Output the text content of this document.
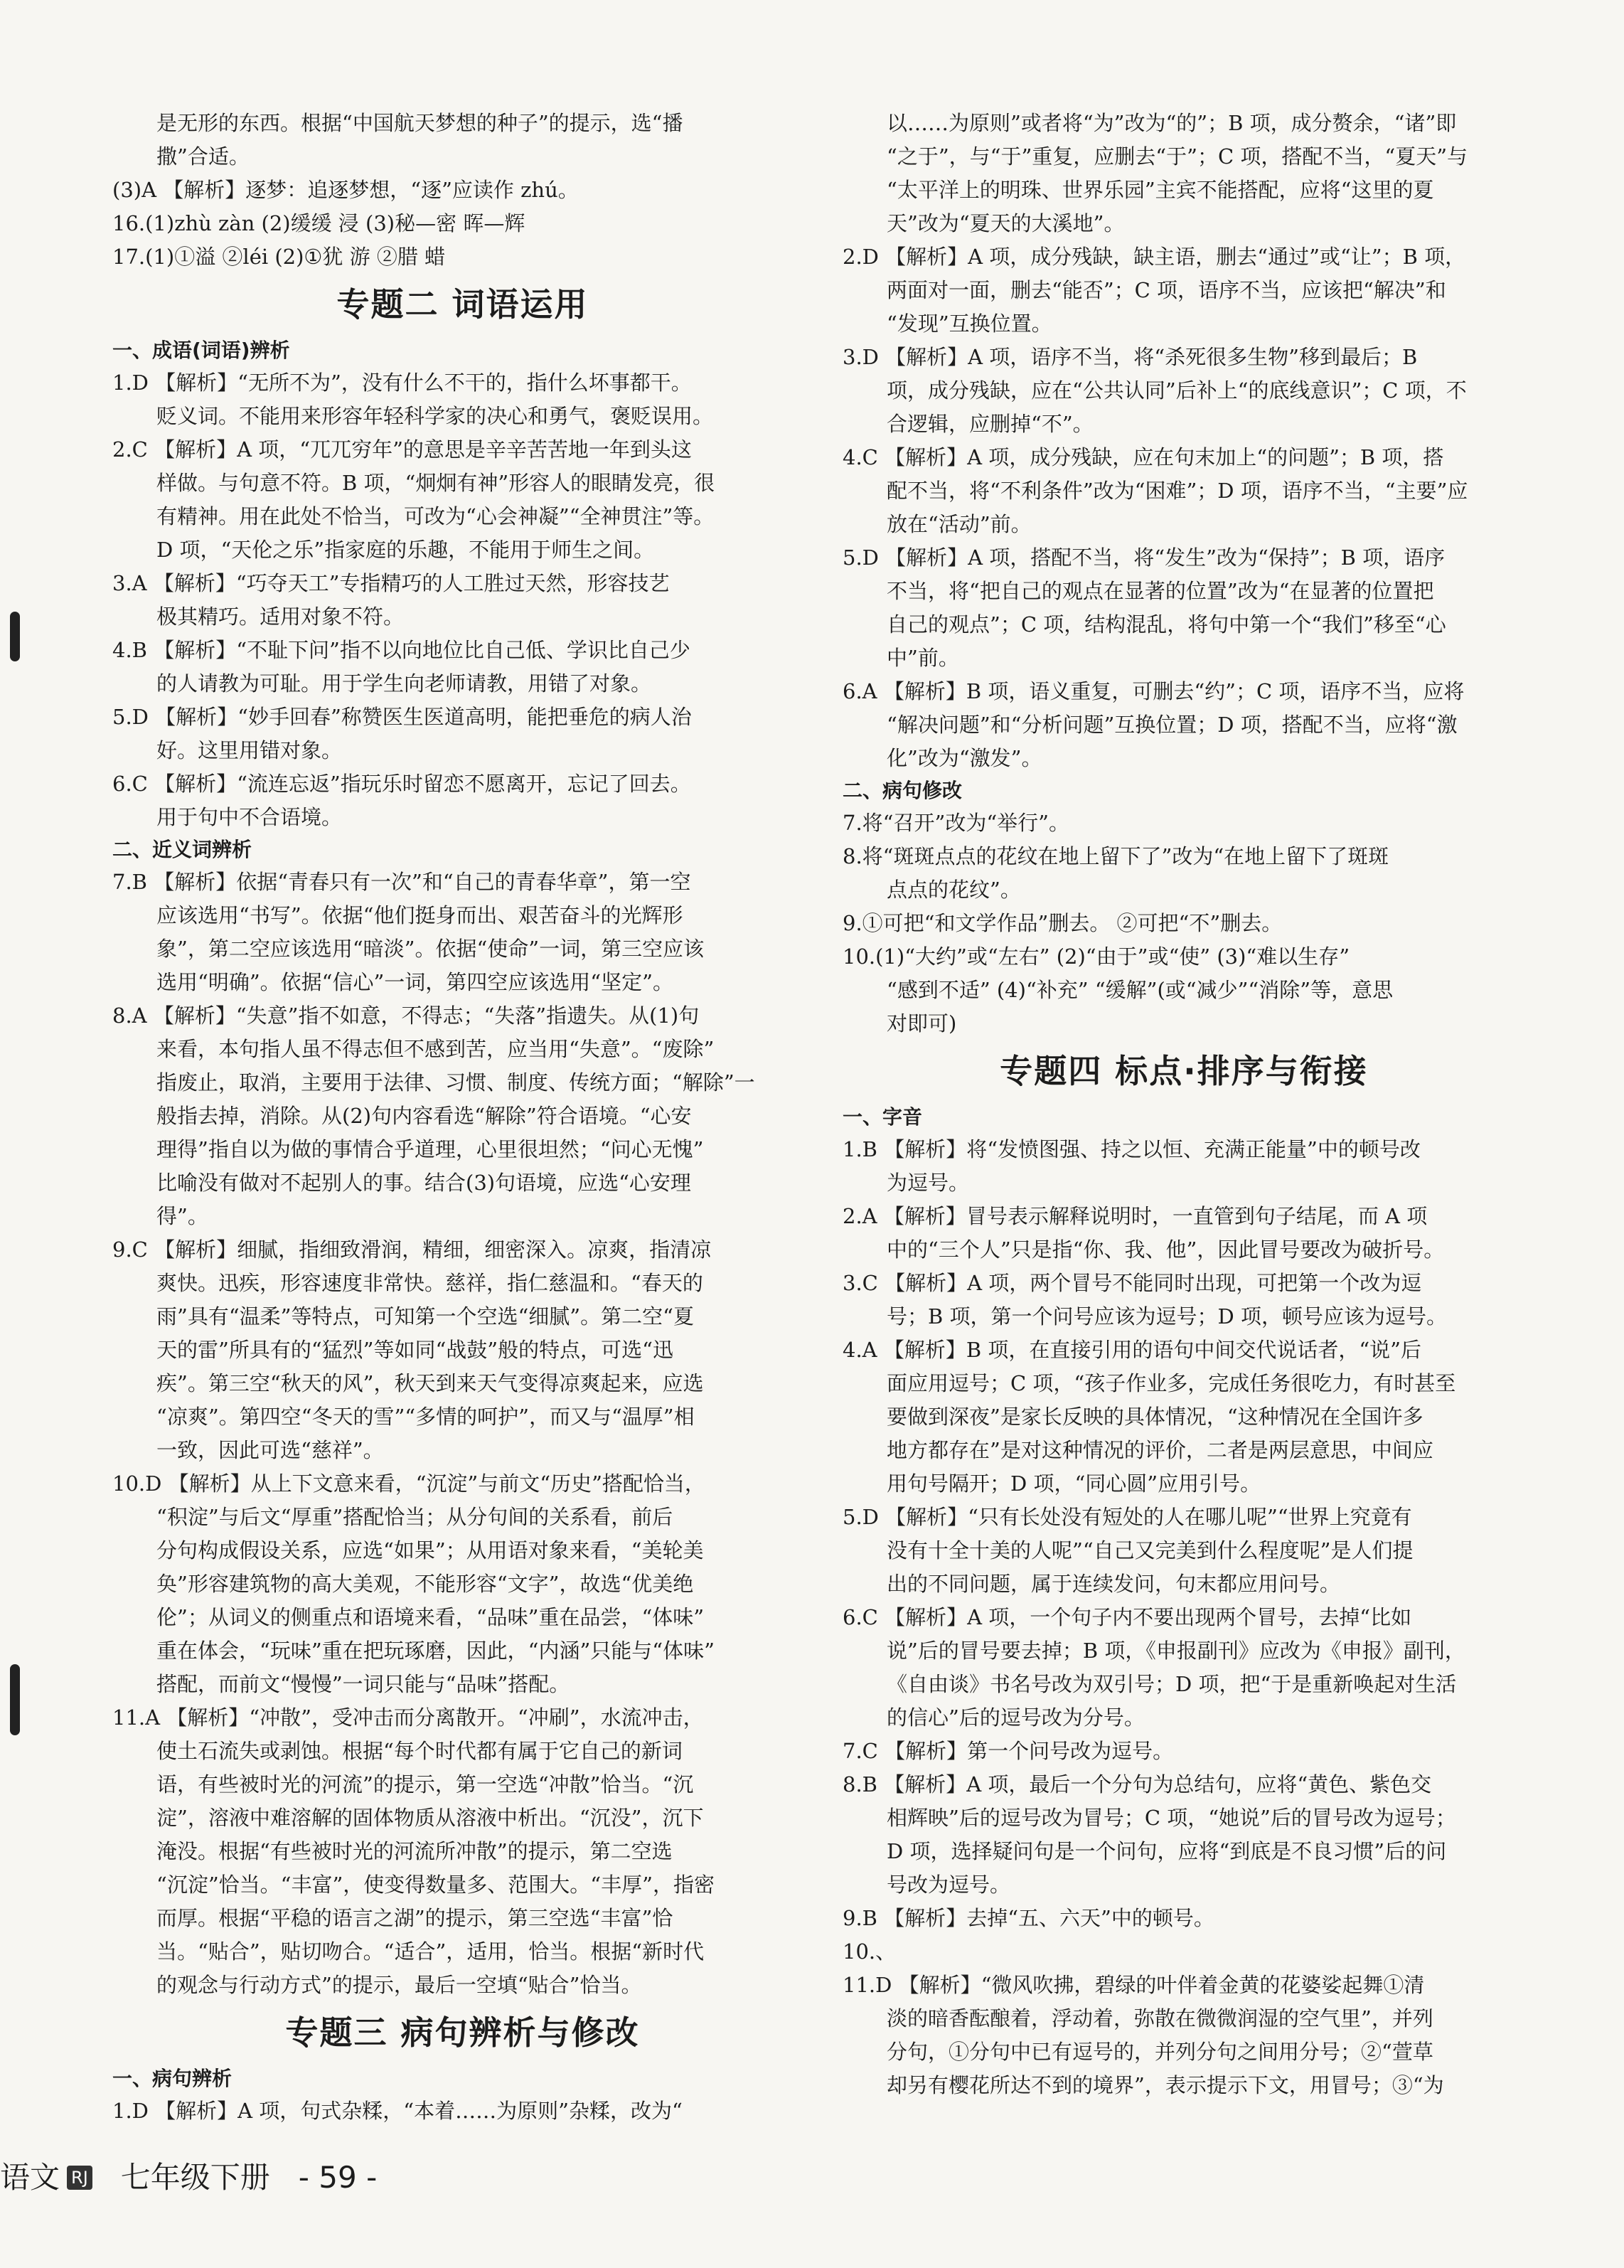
是无形的东西。根据“中国航天梦想的种子”的提示，选“播
撒”合适。
(3)A 【解析】逐梦：追逐梦想，“逐”应读作 zhú。
16.(1)zhù zàn (2)缓缓 浸 (3)秘—密 晖—辉
17.(1)①溢 ②léi (2)①犹 游 ②腊 蜡
专题二 词语运用
一、成语(词语)辨析
1.D 【解析】“无所不为”，没有什么不干的，指什么坏事都干。
贬义词。不能用来形容年轻科学家的决心和勇气，褒贬误用。
2.C 【解析】A 项，“兀兀穷年”的意思是辛辛苦苦地一年到头这
样做。与句意不符。B 项，“炯炯有神”形容人的眼睛发亮，很
有精神。用在此处不恰当，可改为“心会神凝”“全神贯注”等。
D 项，“天伦之乐”指家庭的乐趣，不能用于师生之间。
3.A 【解析】“巧夺天工”专指精巧的人工胜过天然，形容技艺
极其精巧。适用对象不符。
4.B 【解析】“不耻下问”指不以向地位比自己低、学识比自己少
的人请教为可耻。用于学生向老师请教，用错了对象。
5.D 【解析】“妙手回春”称赞医生医道高明，能把垂危的病人治
好。这里用错对象。
6.C 【解析】“流连忘返”指玩乐时留恋不愿离开，忘记了回去。
用于句中不合语境。
二、近义词辨析
7.B 【解析】依据“青春只有一次”和“自己的青春华章”，第一空
应该选用“书写”。依据“他们挺身而出、艰苦奋斗的光辉形
象”，第二空应该选用“暗淡”。依据“使命”一词，第三空应该
选用“明确”。依据“信心”一词，第四空应该选用“坚定”。
8.A 【解析】“失意”指不如意，不得志；“失落”指遗失。从(1)句
来看，本句指人虽不得志但不感到苦，应当用“失意”。“废除”
指废止，取消，主要用于法律、习惯、制度、传统方面；“解除”一
般指去掉，消除。从(2)句内容看选“解除”符合语境。“心安
理得”指自以为做的事情合乎道理，心里很坦然；“问心无愧”
比喻没有做对不起别人的事。结合(3)句语境，应选“心安理
得”。
9.C 【解析】细腻，指细致滑润，精细，细密深入。凉爽，指清凉
爽快。迅疾，形容速度非常快。慈祥，指仁慈温和。“春天的
雨”具有“温柔”等特点，可知第一个空选“细腻”。第二空“夏
天的雷”所具有的“猛烈”等如同“战鼓”般的特点，可选“迅
疾”。第三空“秋天的风”，秋天到来天气变得凉爽起来，应选
“凉爽”。第四空“冬天的雪”“多情的呵护”，而又与“温厚”相
一致，因此可选“慈祥”。
10.D 【解析】从上下文意来看，“沉淀”与前文“历史”搭配恰当，
“积淀”与后文“厚重”搭配恰当；从分句间的关系看，前后
分句构成假设关系，应选“如果”；从用语对象来看，“美轮美
奂”形容建筑物的高大美观，不能形容“文字”，故选“优美绝
伦”；从词义的侧重点和语境来看，“品味”重在品尝，“体味”
重在体会，“玩味”重在把玩琢磨，因此，“内涵”只能与“体味”
搭配，而前文“慢慢”一词只能与“品味”搭配。
11.A 【解析】“冲散”，受冲击而分离散开。“冲刷”，水流冲击，
使土石流失或剥蚀。根据“每个时代都有属于它自己的新词
语，有些被时光的河流”的提示，第一空选“冲散”恰当。“沉
淀”，溶液中难溶解的固体物质从溶液中析出。“沉没”，沉下
淹没。根据“有些被时光的河流所冲散”的提示，第二空选
“沉淀”恰当。“丰富”，使变得数量多、范围大。“丰厚”，指密
而厚。根据“平稳的语言之湖”的提示，第三空选“丰富”恰
当。“贴合”，贴切吻合。“适合”，适用，恰当。根据“新时代
的观念与行动方式”的提示，最后一空填“贴合”恰当。
专题三 病句辨析与修改
一、病句辨析
1.D 【解析】A 项，句式杂糅，“本着……为原则”杂糅，改为“
以……为原则”或者将“为”改为“的”；B 项，成分赘余，“诸”即
“之于”，与“于”重复，应删去“于”；C 项，搭配不当，“夏天”与
“太平洋上的明珠、世界乐园”主宾不能搭配，应将“这里的夏
天”改为“夏天的大溪地”。
2.D 【解析】A 项，成分残缺，缺主语，删去“通过”或“让”；B 项，
两面对一面，删去“能否”；C 项，语序不当，应该把“解决”和
“发现”互换位置。
3.D 【解析】A 项，语序不当，将“杀死很多生物”移到最后；B
项，成分残缺，应在“公共认同”后补上“的底线意识”；C 项，不
合逻辑，应删掉“不”。
4.C 【解析】A 项，成分残缺，应在句末加上“的问题”；B 项，搭
配不当，将“不利条件”改为“困难”；D 项，语序不当，“主要”应
放在“活动”前。
5.D 【解析】A 项，搭配不当，将“发生”改为“保持”；B 项，语序
不当，将“把自己的观点在显著的位置”改为“在显著的位置把
自己的观点”；C 项，结构混乱，将句中第一个“我们”移至“心
中”前。
6.A 【解析】B 项，语义重复，可删去“约”；C 项，语序不当，应将
“解决问题”和“分析问题”互换位置；D 项，搭配不当，应将“激
化”改为“激发”。
二、病句修改
7.将“召开”改为“举行”。
8.将“斑斑点点的花纹在地上留下了”改为“在地上留下了斑斑
点点的花纹”。
9.①可把“和文学作品”删去。 ②可把“不”删去。
10.(1)“大约”或“左右” (2)“由于”或“使” (3)“难以生存”
“感到不适” (4)“补充” “缓解”(或“减少”“消除”等，意思
对即可)
专题四 标点·排序与衔接
一、字音
1.B 【解析】将“发愤图强、持之以恒、充满正能量”中的顿号改
为逗号。
2.A 【解析】冒号表示解释说明时，一直管到句子结尾，而 A 项
中的“三个人”只是指“你、我、他”，因此冒号要改为破折号。
3.C 【解析】A 项，两个冒号不能同时出现，可把第一个改为逗
号；B 项，第一个问号应该为逗号；D 项，顿号应该为逗号。
4.A 【解析】B 项，在直接引用的语句中间交代说话者，“说”后
面应用逗号；C 项，“孩子作业多，完成任务很吃力，有时甚至
要做到深夜”是家长反映的具体情况，“这种情况在全国许多
地方都存在”是对这种情况的评价，二者是两层意思，中间应
用句号隔开；D 项，“同心圆”应用引号。
5.D 【解析】“只有长处没有短处的人在哪儿呢”“世界上究竟有
没有十全十美的人呢”“自己又完美到什么程度呢”是人们提
出的不同问题，属于连续发问，句末都应用问号。
6.C 【解析】A 项，一个句子内不要出现两个冒号，去掉“比如
说”后的冒号要去掉；B 项，《申报副刊》应改为《申报》副刊，
《自由谈》书名号改为双引号；D 项，把“于是重新唤起对生活
的信心”后的逗号改为分号。
7.C 【解析】第一个问号改为逗号。
8.B 【解析】A 项，最后一个分句为总结句，应将“黄色、紫色交
相辉映”后的逗号改为冒号；C 项，“她说”后的冒号改为逗号；
D 项，选择疑问句是一个问句，应将“到底是不良习惯”后的问
号改为逗号。
9.B 【解析】去掉“五、六天”中的顿号。
10.、
11.D 【解析】“微风吹拂，碧绿的叶伴着金黄的花婆娑起舞①清
淡的暗香酝酿着，浮动着，弥散在微微润湿的空气里”，并列
分句，①分句中已有逗号的，并列分句之间用分号；②“萱草
却另有樱花所达不到的境界”，表示提示下文，用冒号；③“为
语文 RJ 七年级下册 - 59 -
